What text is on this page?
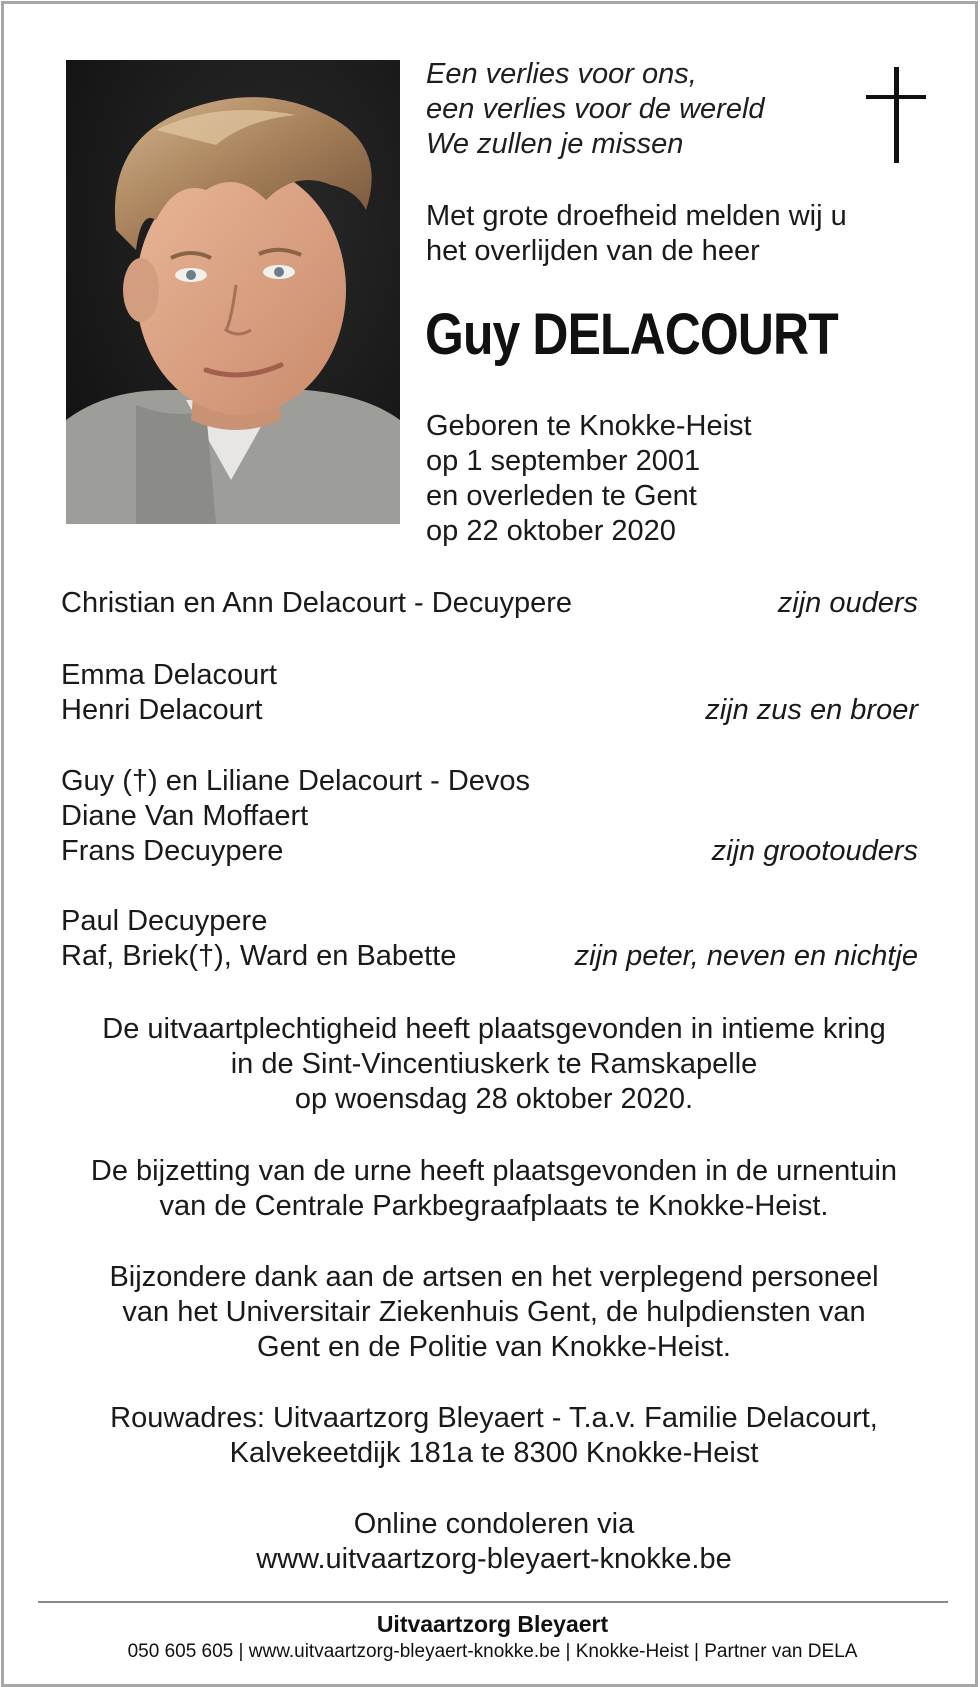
Een verlies voor ons,
een verlies voor de wereld
We zullen je missen
Met grote droefheid melden wij u
het overlijden van de heer
Guy DELACOURT
Geboren te Knokke-Heist
op 1 september 2001
en overleden te Gent
op 22 oktober 2020
Christian en Ann Delacourt - Decuypere	zijn ouders
Emma Delacourt
Henri Delacourt	zijn zus en broer
Guy (†) en Liliane Delacourt - Devos
Diane Van Moffaert
Frans Decuypere	zijn grootouders
Paul Decuypere
Raf, Briek(†), Ward en Babette	zijn peter, neven en nichtje
De uitvaartplechtigheid heeft plaatsgevonden in intieme kring
in de Sint-Vincentiuskerk te Ramskapelle
op woensdag 28 oktober 2020.
De bijzetting van de urne heeft plaatsgevonden in de urnentuin
van de Centrale Parkbegraafplaats te Knokke-Heist.
Bijzondere dank aan de artsen en het verplegend personeel
van het Universitair Ziekenhuis Gent, de hulpdiensten van
Gent en de Politie van Knokke-Heist.
Rouwadres: Uitvaartzorg Bleyaert - T.a.v. Familie Delacourt,
Kalvekeetdijk 181a te 8300 Knokke-Heist
Online condoleren via
www.uitvaartzorg-bleyaert-knokke.be
Uitvaartzorg Bleyaert
050 605 605 | www.uitvaartzorg-bleyaert-knokke.be | Knokke-Heist | Partner van DELA
